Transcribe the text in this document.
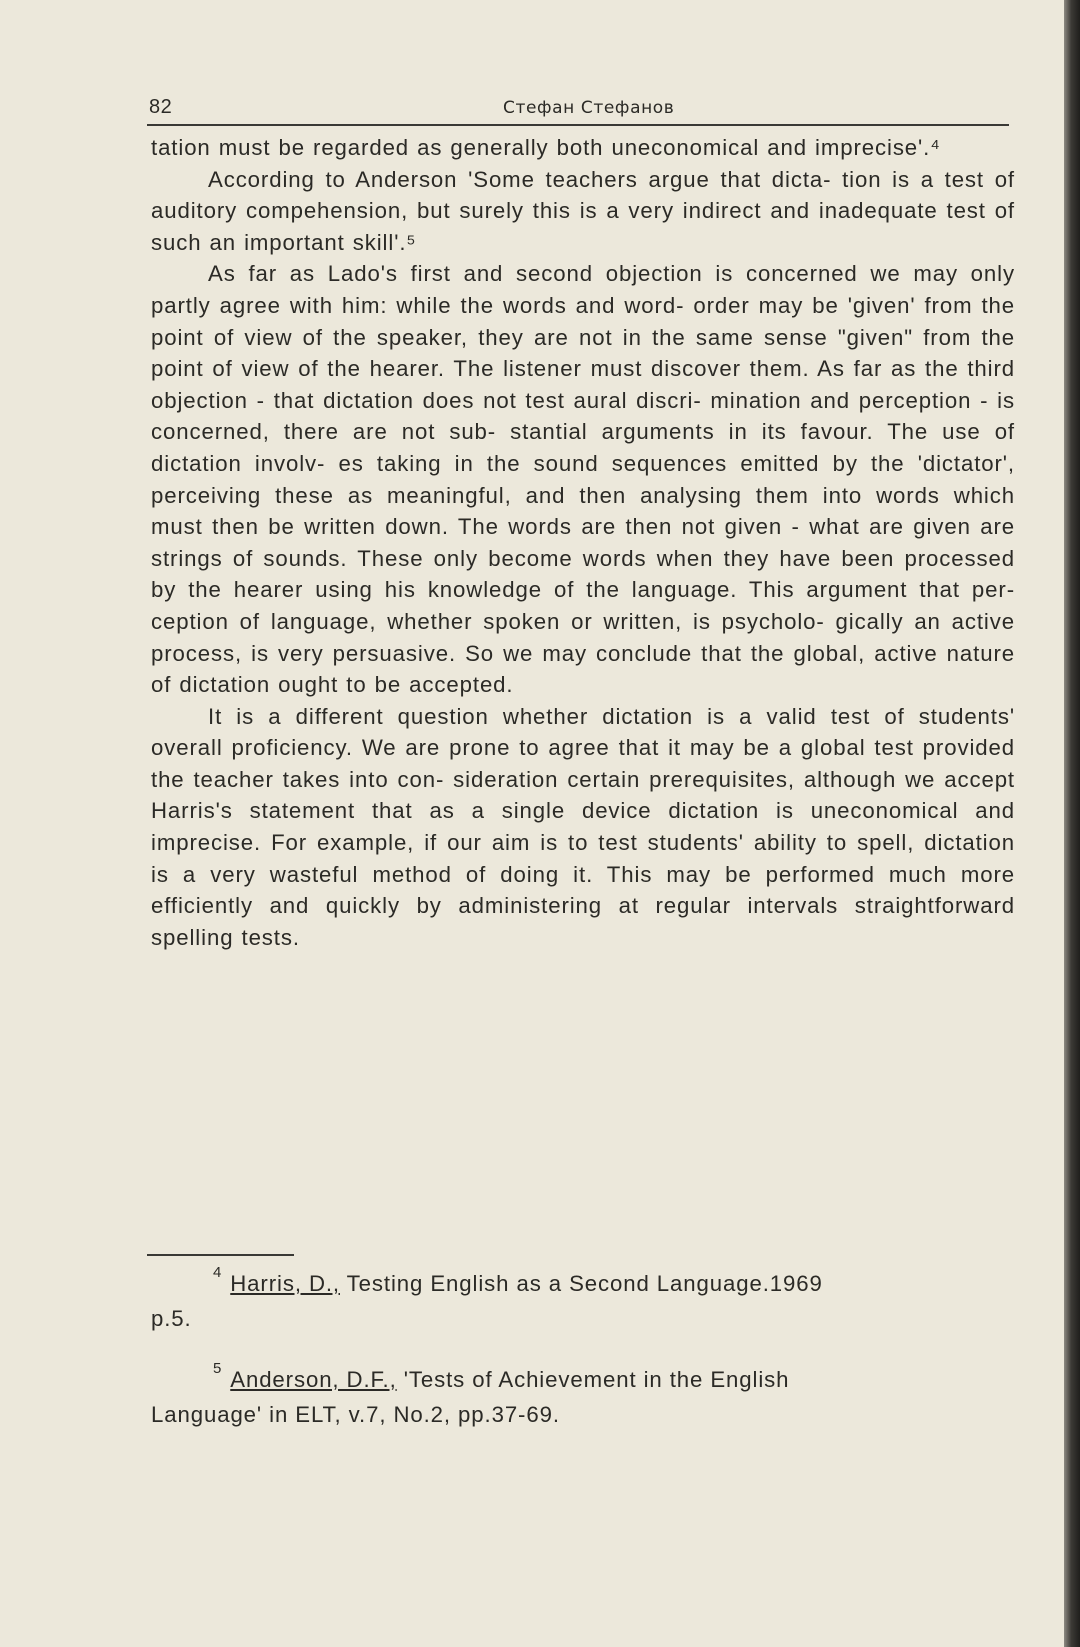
82	Стефан Стефанов

tation must be regarded as generally both uneconomical and imprecise'.⁴

According to Anderson 'Some teachers argue that dicta- tion is a test of auditory compehension, but surely this is a very indirect and inadequate test of such an important skill'.⁵

As far as Lado's first and second objection is concerned we may only partly agree with him: while the words and word- order may be 'given' from the point of view of the speaker, they are not in the same sense "given" from the point of view of the hearer. The listener must discover them. As far as the third objection - that dictation does not test aural discri- mination and perception - is concerned, there are not sub- stantial arguments in its favour. The use of dictation involv- es taking in the sound sequences emitted by the 'dictator', perceiving these as meaningful, and then analysing them into words which must then be written down. The words are then not given - what are given are strings of sounds. These only become words when they have been processed by the hearer using his knowledge of the language. This argument that per- ception of language, whether spoken or written, is psycholo- gically an active process, is very persuasive. So we may conclude that the global, active nature of dictation ought to be accepted.

It is a different question whether dictation is a valid test of students' overall proficiency. We are prone to agree that it may be a global test provided the teacher takes into con- sideration certain prerequisites, although we accept Harris's statement that as a single device dictation is uneconomical and imprecise. For example, if our aim is to test students' ability to spell, dictation is a very wasteful method of doing it. This may be performed much more efficiently and quickly by administering at regular intervals straightforward spelling tests.

$^4$ Harris, D., Testing English as a Second Language.1969
p.5.
$^5$ Anderson, D.F., 'Tests of Achievement in the English
Language' in ELT, v.7, No.2, pp.37-69.
